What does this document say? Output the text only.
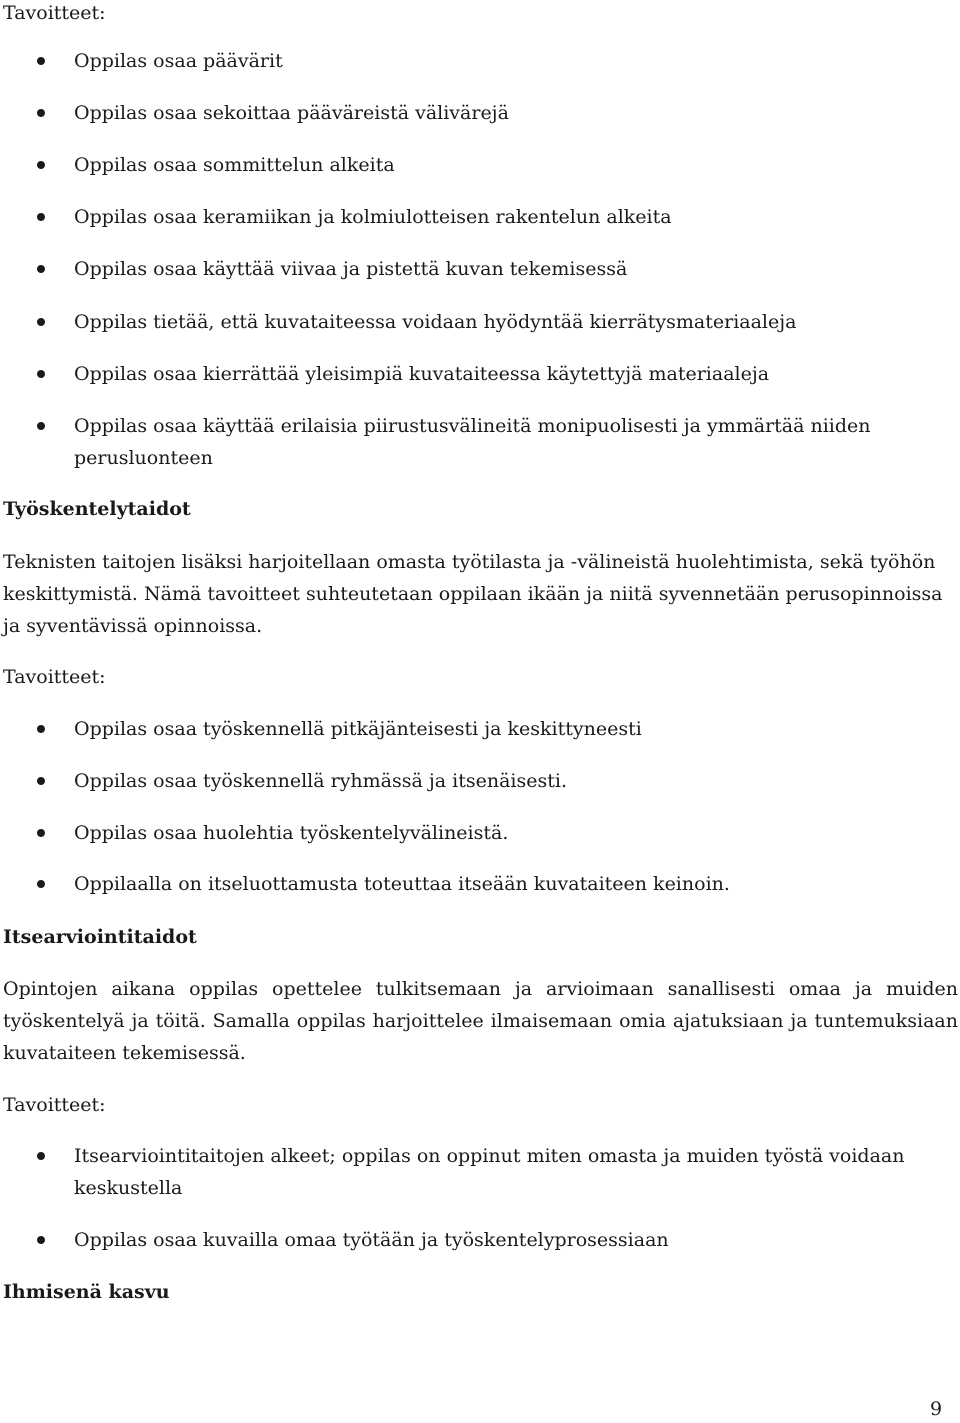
Tavoitteet:

Oppilas osaa päävärit
Oppilas osaa sekoittaa pääväreistä välivärejä
Oppilas osaa sommittelun alkeita
Oppilas osaa keramiikan ja kolmiulotteisen rakentelun alkeita
Oppilas osaa käyttää viivaa ja pistettä kuvan tekemisessä
Oppilas tietää, että kuvataiteessa voidaan hyödyntää kierrätysmateriaaleja
Oppilas osaa kierrättää yleisimpiä kuvataiteessa käytettyjä materiaaleja
Oppilas osaa käyttää erilaisia piirustusvälineitä monipuolisesti ja ymmärtää niiden perusluonteen

Työskentelytaidot

Teknisten taitojen lisäksi harjoitellaan omasta työtilasta ja -välineistä huolehtimista, sekä työhön keskittymistä. Nämä tavoitteet suhteutetaan oppilaan ikään ja niitä syvennetään perusopinnoissa ja syventävissä opinnoissa.

Tavoitteet:

Oppilas osaa työskennellä pitkäjänteisesti ja keskittyneesti
Oppilas osaa työskennellä ryhmässä ja itsenäisesti.
Oppilas osaa huolehtia työskentelyvälineistä.
Oppilaalla on itseluottamusta toteuttaa itseään kuvataiteen keinoin.

Itsearviointitaidot

Opintojen aikana oppilas opettelee tulkitsemaan ja arvioimaan sanallisesti omaa ja muiden työskentelyä ja töitä. Samalla oppilas harjoittelee ilmaisemaan omia ajatuksiaan ja tuntemuksiaan kuvataiteen tekemisessä.

Tavoitteet:

Itsearviointitaitojen alkeet; oppilas on oppinut miten omasta ja muiden työstä voidaan keskustella
Oppilas osaa kuvailla omaa työtään ja työskentelyprosessiaan

Ihmisenä kasvu

9
